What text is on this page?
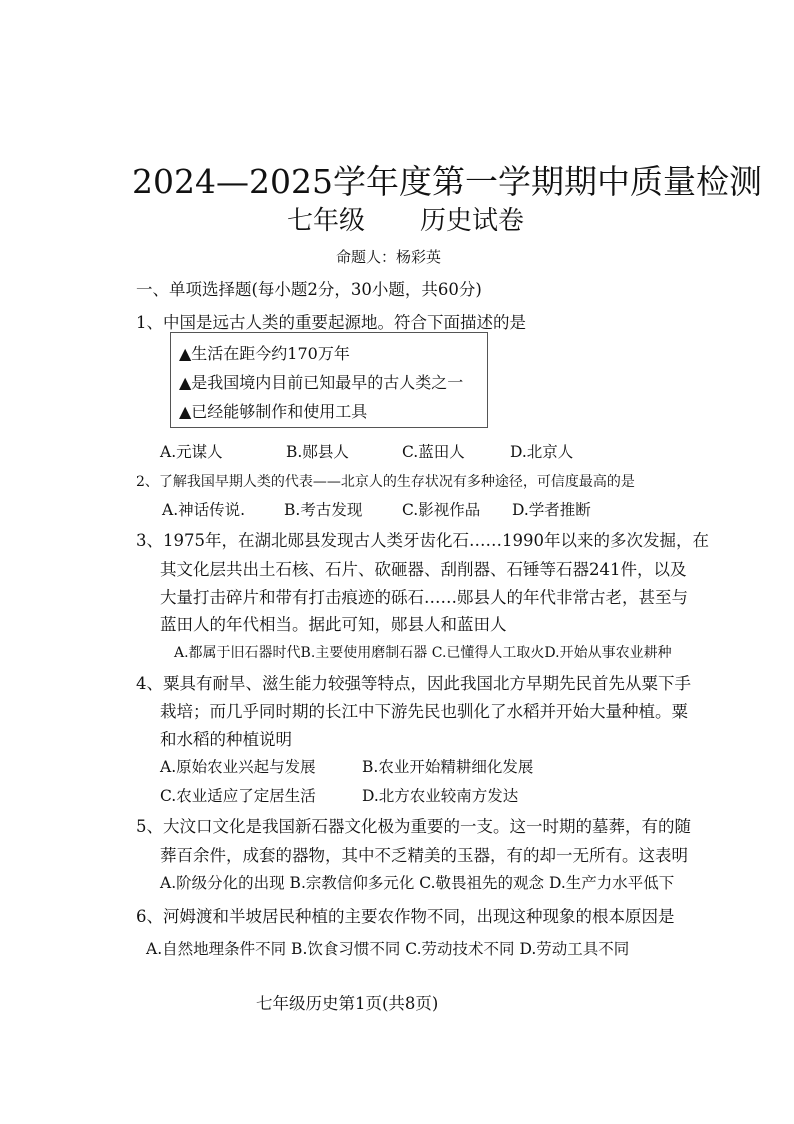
2024—2025学年度第一学期期中质量检测
七年级 历史试卷
命题人：杨彩英
一、单项选择题(每小题2分，30小题，共60分)
1、中国是远古人类的重要起源地。符合下面描述的是
▲生活在距今约170万年
▲是我国境内目前已知最早的古人类之一
▲已经能够制作和使用工具
A.元谋人	B.郧县人	C.蓝田人	D.北京人
2、了解我国早期人类的代表——北京人的生存状况有多种途径，可信度最高的是
A.神话传说.	B.考古发现	C.影视作品 D.学者推断
3、1975年，在湖北郧县发现古人类牙齿化石……1990年以来的多次发掘，在
其文化层共出土石核、石片、砍砸器、刮削器、石锤等石器241件，以及
大量打击碎片和带有打击痕迹的砾石……郧县人的年代非常古老，甚至与
蓝田人的年代相当。据此可知，郧县人和蓝田人
A.都属于旧石器时代B.主要使用磨制石器 C.已懂得人工取火D.开始从事农业耕种
4、粟具有耐旱、滋生能力较强等特点，因此我国北方早期先民首先从粟下手
栽培；而几乎同时期的长江中下游先民也驯化了水稻并开始大量种植。粟
和水稻的种植说明
A.原始农业兴起与发展	B.农业开始精耕细化发展
C.农业适应了定居生活	D.北方农业较南方发达
5、大汶口文化是我国新石器文化极为重要的一支。这一时期的墓葬，有的随
葬百余件，成套的器物，其中不乏精美的玉器，有的却一无所有。这表明
A.阶级分化的出现 B.宗教信仰多元化 C.敬畏祖先的观念 D.生产力水平低下
6、河姆渡和半坡居民种植的主要农作物不同，出现这种现象的根本原因是
A.自然地理条件不同 B.饮食习惯不同 C.劳动技术不同 D.劳动工具不同
七年级历史第1页(共8页)
